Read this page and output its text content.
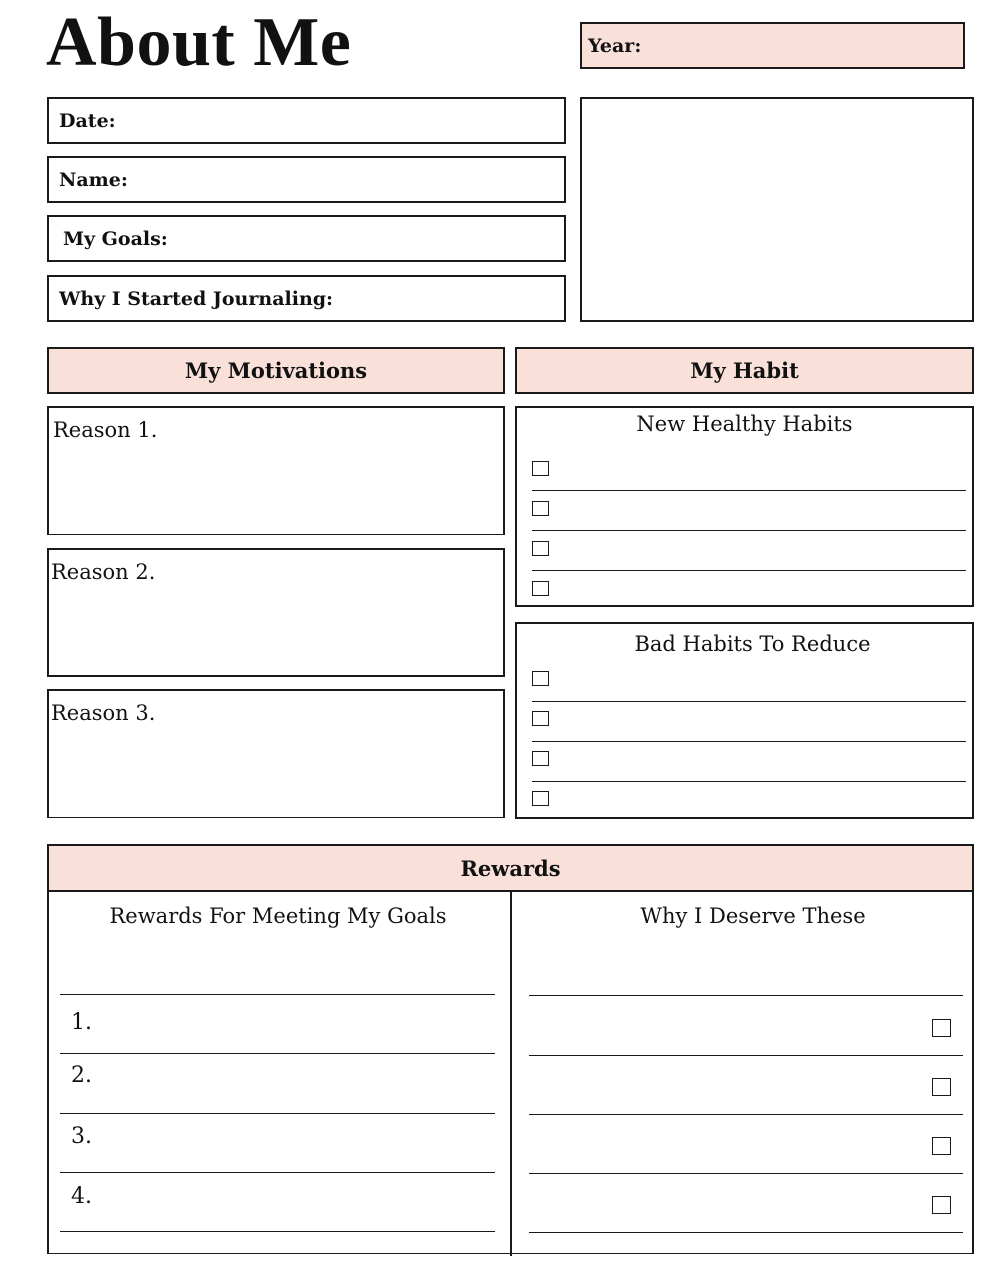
About Me	Year:
Date:
Name:
My Goals:
Why I Started Journaling:
My Motivations	My Habit
Reason 1.
Reason 2.
Reason 3.
New Healthy Habits
Bad Habits To Reduce
Rewards
Rewards For Meeting My Goals
1.
2.
3.
4.
Why I Deserve These
